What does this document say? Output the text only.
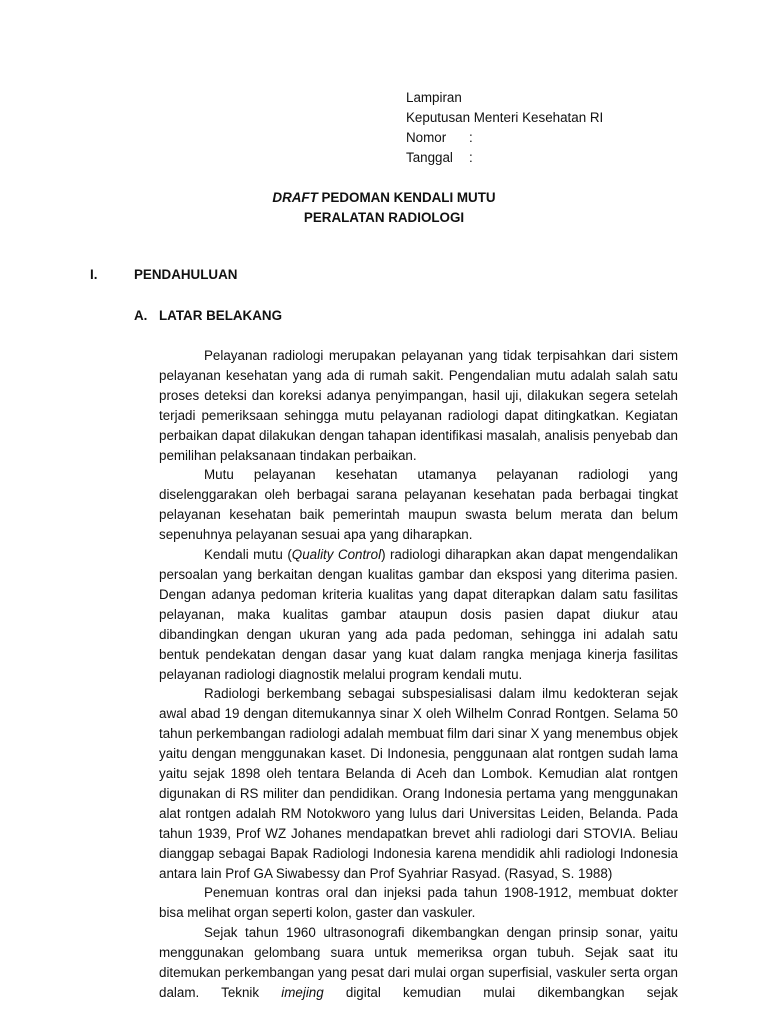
Lampiran
Keputusan Menteri Kesehatan RI
Nomor :
Tanggal :
DRAFT PEDOMAN KENDALI MUTU
PERALATAN RADIOLOGI
I.	PENDAHULUAN
A. LATAR BELAKANG

Pelayanan radiologi merupakan pelayanan yang tidak terpisahkan dari sistem pelayanan kesehatan yang ada di rumah sakit. Pengendalian mutu adalah salah satu proses deteksi dan koreksi adanya penyimpangan, hasil uji, dilakukan segera setelah terjadi pemeriksaan sehingga mutu pelayanan radiologi dapat ditingkatkan. Kegiatan perbaikan dapat dilakukan dengan tahapan identifikasi masalah, analisis penyebab dan pemilihan pelaksanaan tindakan perbaikan.

Mutu pelayanan kesehatan utamanya pelayanan radiologi yang diselenggarakan oleh berbagai sarana pelayanan kesehatan pada berbagai tingkat pelayanan kesehatan baik pemerintah maupun swasta belum merata dan belum sepenuhnya pelayanan sesuai apa yang diharapkan.

Kendali mutu (Quality Control) radiologi diharapkan akan dapat mengendalikan persoalan yang berkaitan dengan kualitas gambar dan eksposi yang diterima pasien. Dengan adanya pedoman kriteria kualitas yang dapat diterapkan dalam satu fasilitas pelayanan, maka kualitas gambar ataupun dosis pasien dapat diukur atau dibandingkan dengan ukuran yang ada pada pedoman, sehingga ini adalah satu bentuk pendekatan dengan dasar yang kuat dalam rangka menjaga kinerja fasilitas pelayanan radiologi diagnostik melalui program kendali mutu.

Radiologi berkembang sebagai subspesialisasi dalam ilmu kedokteran sejak awal abad 19 dengan ditemukannya sinar X oleh Wilhelm Conrad Rontgen. Selama 50 tahun perkembangan radiologi adalah membuat film dari sinar X yang menembus objek yaitu dengan menggunakan kaset. Di Indonesia, penggunaan alat rontgen sudah lama yaitu sejak 1898 oleh tentara Belanda di Aceh dan Lombok. Kemudian alat rontgen digunakan di RS militer dan pendidikan. Orang Indonesia pertama yang menggunakan alat rontgen adalah RM Notokworo yang lulus dari Universitas Leiden, Belanda. Pada tahun 1939, Prof WZ Johanes mendapatkan brevet ahli radiologi dari STOVIA. Beliau dianggap sebagai Bapak Radiologi Indonesia karena mendidik ahli radiologi Indonesia antara lain Prof GA Siwabessy dan Prof Syahriar Rasyad. (Rasyad, S. 1988)

Penemuan kontras oral dan injeksi pada tahun 1908-1912, membuat dokter bisa melihat organ seperti kolon, gaster dan vaskuler.

Sejak tahun 1960 ultrasonografi dikembangkan dengan prinsip sonar, yaitu menggunakan gelombang suara untuk memeriksa organ tubuh. Sejak saat itu ditemukan perkembangan yang pesat dari mulai organ superfisial, vaskuler serta organ dalam. Teknik imejing digital kemudian mulai dikembangkan sejak
